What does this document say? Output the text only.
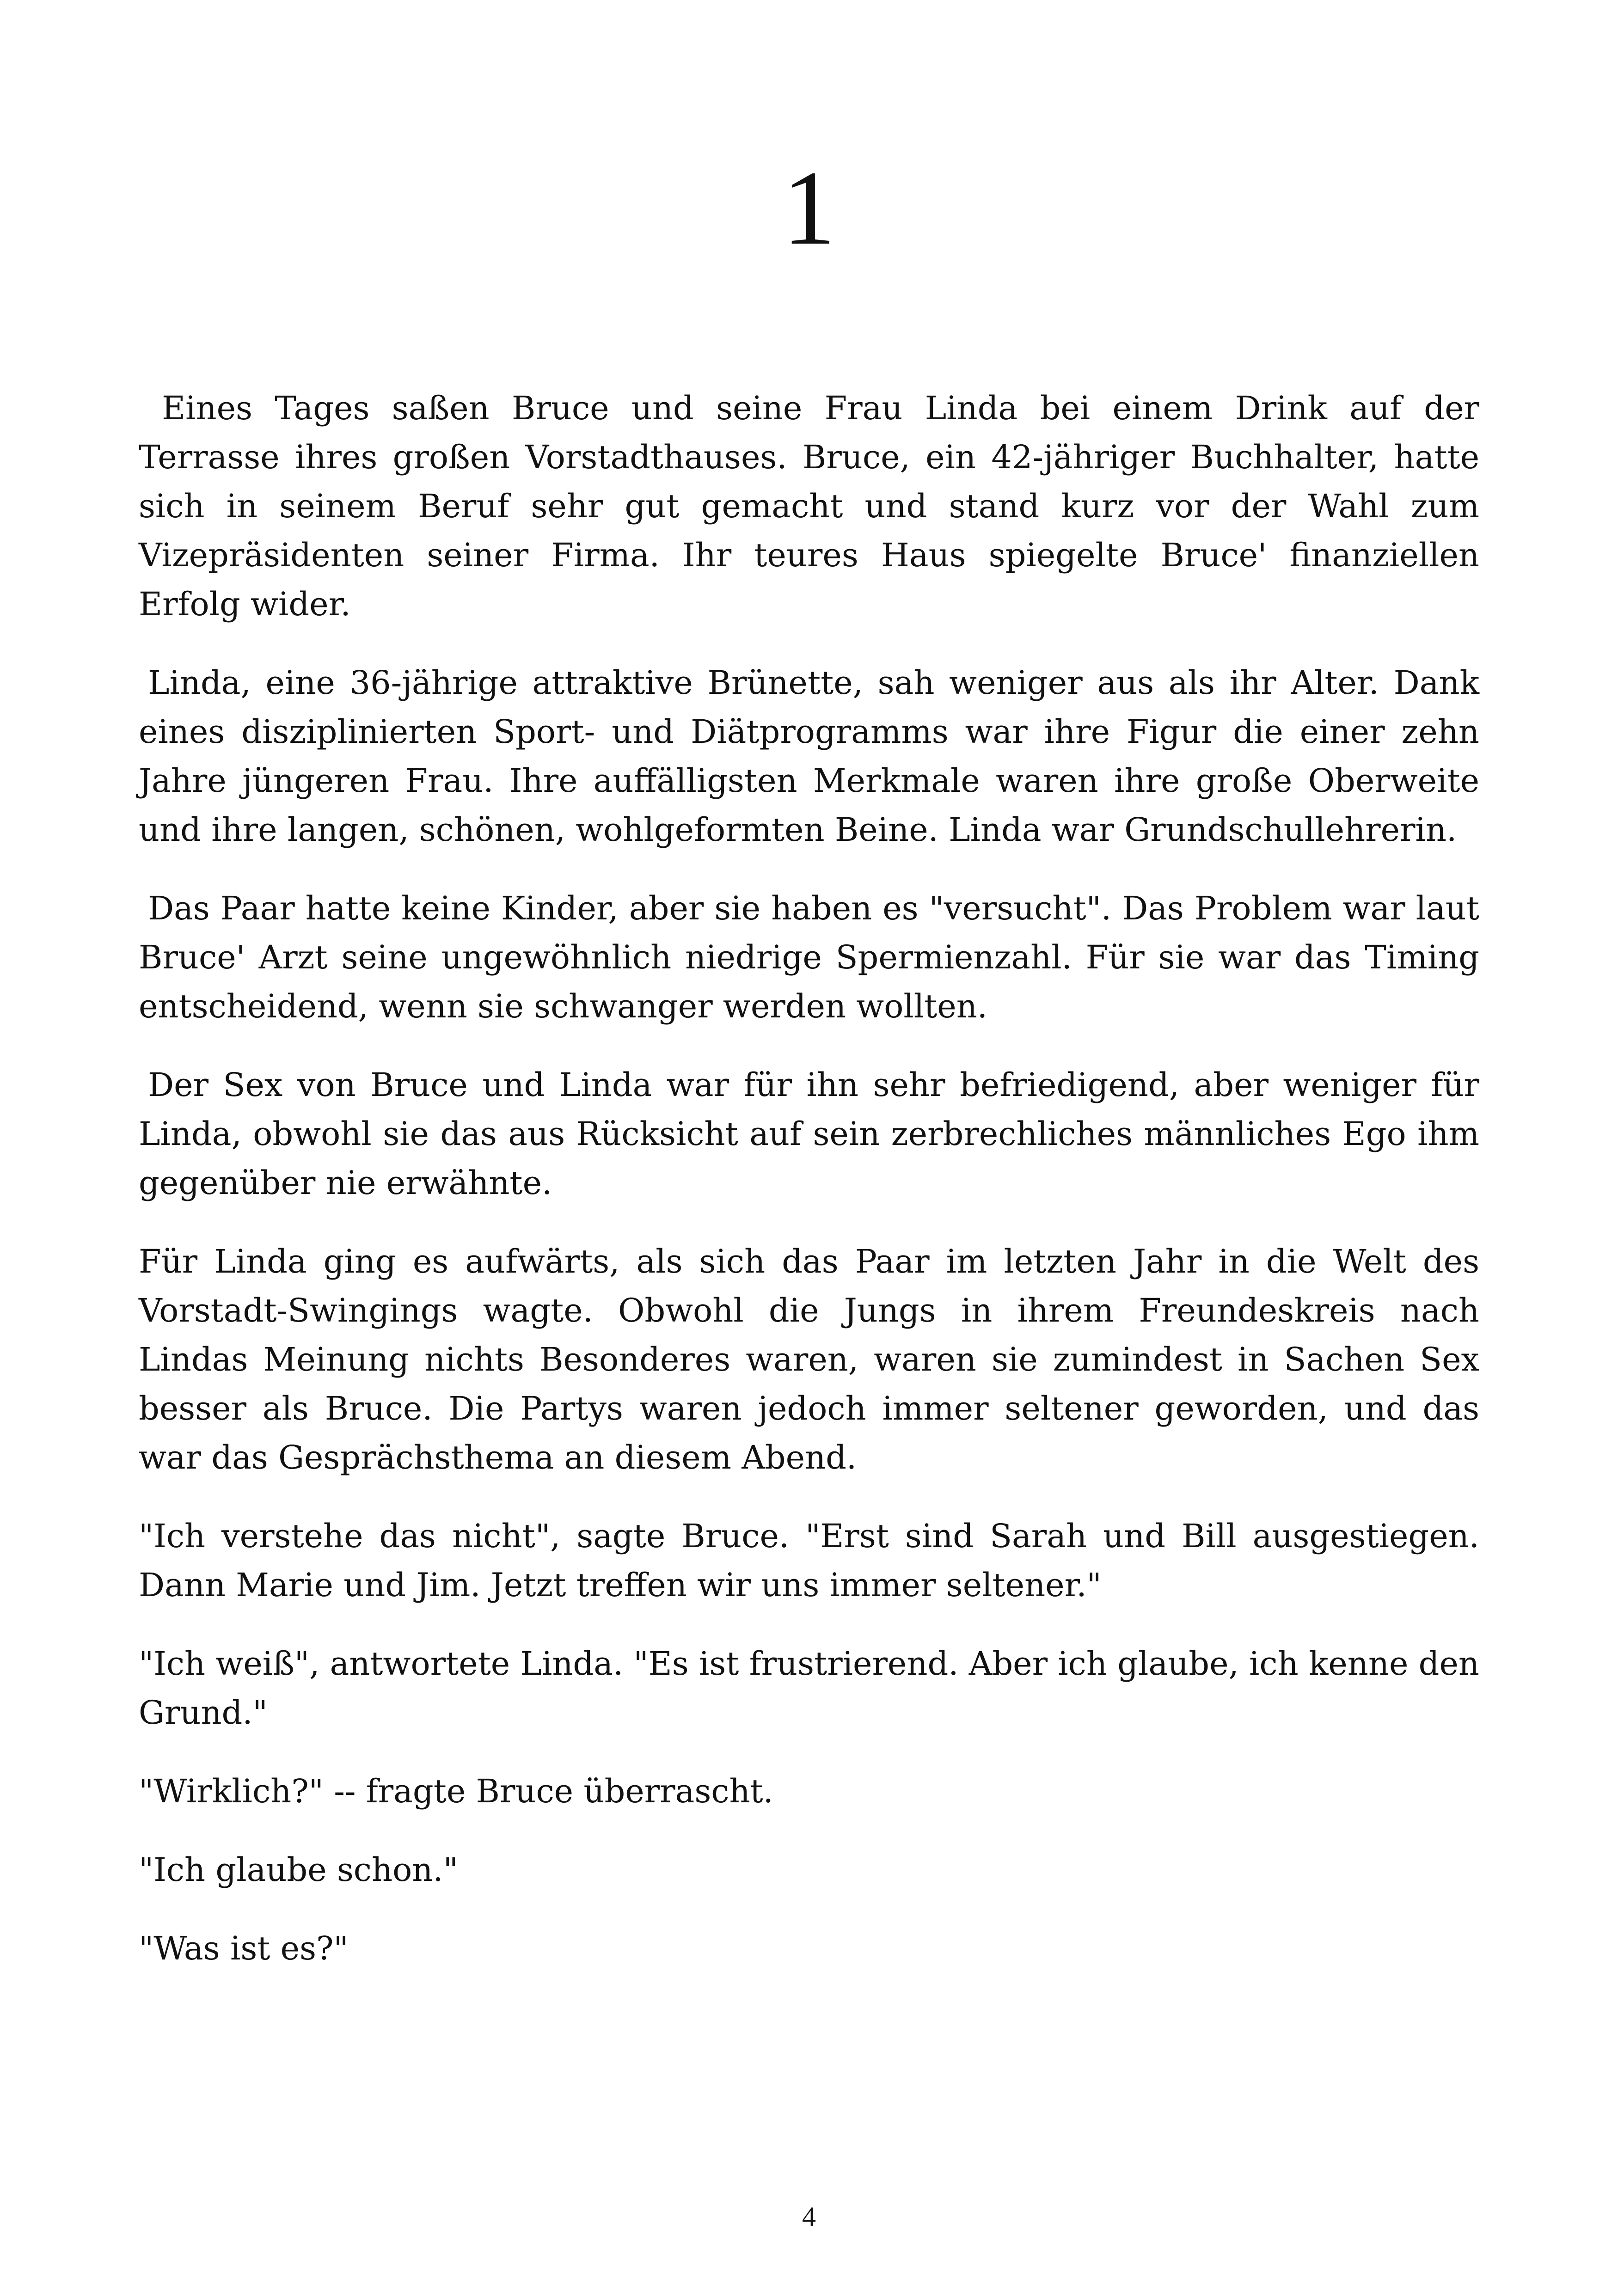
1

Eines Tages saßen Bruce und seine Frau Linda bei einem Drink auf der Terrasse ihres großen Vorstadthauses. Bruce, ein 42-jähriger Buchhalter, hatte sich in seinem Beruf sehr gut gemacht und stand kurz vor der Wahl zum Vizepräsidenten seiner Firma. Ihr teures Haus spiegelte Bruce' finanziellen Erfolg wider.

Linda, eine 36-jährige attraktive Brünette, sah weniger aus als ihr Alter. Dank eines disziplinierten Sport- und Diätprogramms war ihre Figur die einer zehn Jahre jüngeren Frau. Ihre auffälligsten Merkmale waren ihre große Oberweite und ihre langen, schönen, wohlgeformten Beine. Linda war Grundschullehrerin.

Das Paar hatte keine Kinder, aber sie haben es "versucht". Das Problem war laut Bruce' Arzt seine ungewöhnlich niedrige Spermienzahl. Für sie war das Timing entscheidend, wenn sie schwanger werden wollten.

Der Sex von Bruce und Linda war für ihn sehr befriedigend, aber weniger für Linda, obwohl sie das aus Rücksicht auf sein zerbrechliches männliches Ego ihm gegenüber nie erwähnte.

Für Linda ging es aufwärts, als sich das Paar im letzten Jahr in die Welt des Vorstadt-Swingings wagte. Obwohl die Jungs in ihrem Freundeskreis nach Lindas Meinung nichts Besonderes waren, waren sie zumindest in Sachen Sex besser als Bruce. Die Partys waren jedoch immer seltener geworden, und das war das Gesprächsthema an diesem Abend.

"Ich verstehe das nicht", sagte Bruce. "Erst sind Sarah und Bill ausgestiegen. Dann Marie und Jim. Jetzt treffen wir uns immer seltener."

"Ich weiß", antwortete Linda. "Es ist frustrierend. Aber ich glaube, ich kenne den Grund."

"Wirklich?" -- fragte Bruce überrascht.

"Ich glaube schon."

"Was ist es?"

4
